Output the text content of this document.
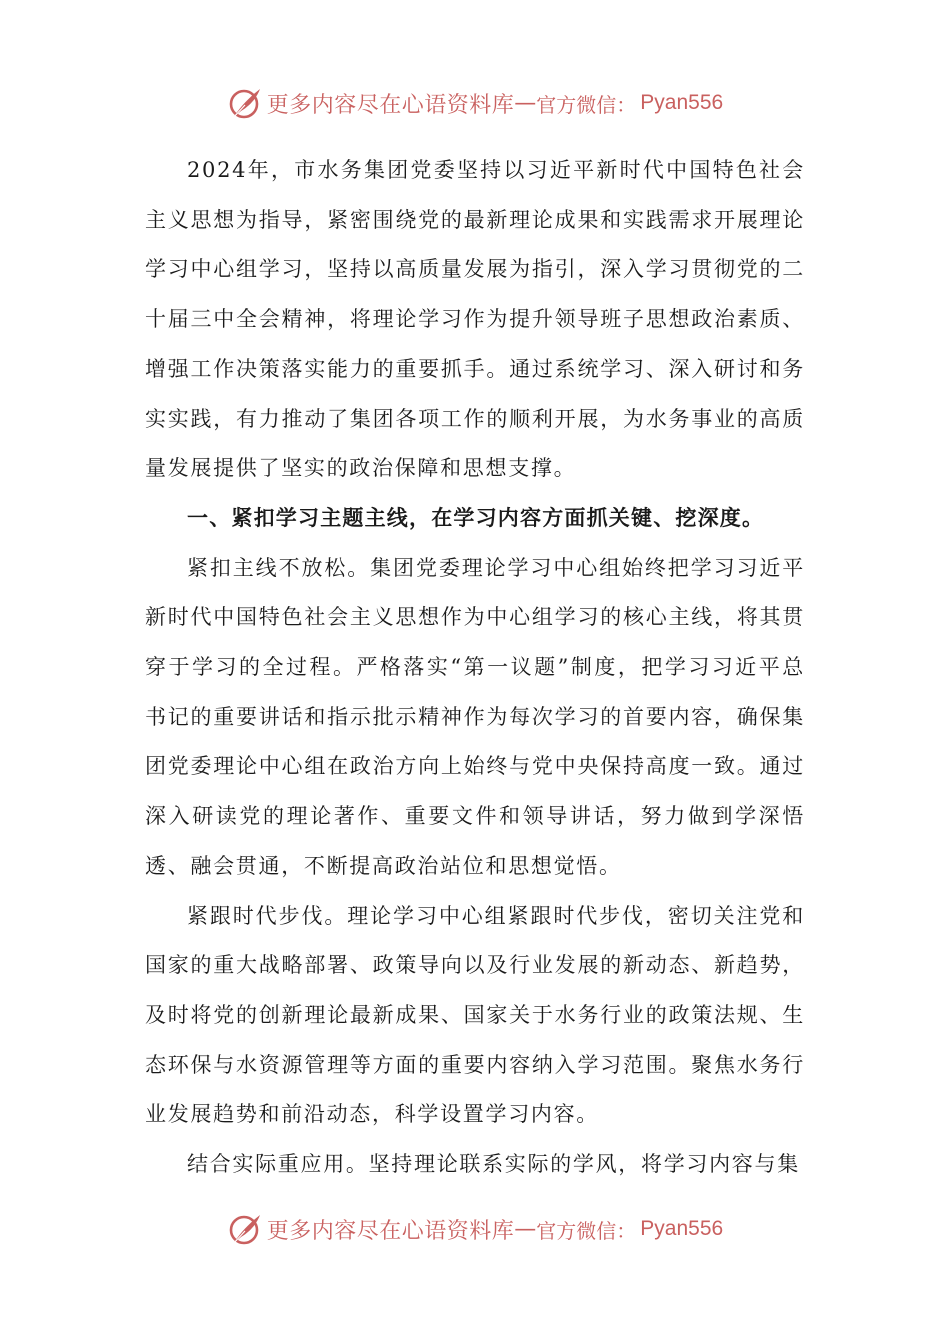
更多内容尽在心语资料库 — 官方微信： Pyan556

2024年，市水务集团党委坚持以习近平新时代中国特色社会主义思想为指导，紧密围绕党的最新理论成果和实践需求开展理论学习中心组学习，坚持以高质量发展为指引，深入学习贯彻党的二十届三中全会精神，将理论学习作为提升领导班子思想政治素质、增强工作决策落实能力的重要抓手。通过系统学习、深入研讨和务实实践，有力推动了集团各项工作的顺利开展，为水务事业的高质量发展提供了坚实的政治保障和思想支撑。

一、紧扣学习主题主线，在学习内容方面抓关键、挖深度。

紧扣主线不放松。集团党委理论学习中心组始终把学习习近平新时代中国特色社会主义思想作为中心组学习的核心主线，将其贯穿于学习的全过程。严格落实“第一议题”制度，把学习习近平总书记的重要讲话和指示批示精神作为每次学习的首要内容，确保集团党委理论中心组在政治方向上始终与党中央保持高度一致。通过深入研读党的理论著作、重要文件和领导讲话，努力做到学深悟透、融会贯通，不断提高政治站位和思想觉悟。

紧跟时代步伐。理论学习中心组紧跟时代步伐，密切关注党和国家的重大战略部署、政策导向以及行业发展的新动态、新趋势，及时将党的创新理论最新成果、国家关于水务行业的政策法规、生态环保与水资源管理等方面的重要内容纳入学习范围。聚焦水务行业发展趋势和前沿动态，科学设置学习内容。

结合实际重应用。坚持理论联系实际的学风，将学习内容与集

更多内容尽在心语资料库 — 官方微信： Pyan556
